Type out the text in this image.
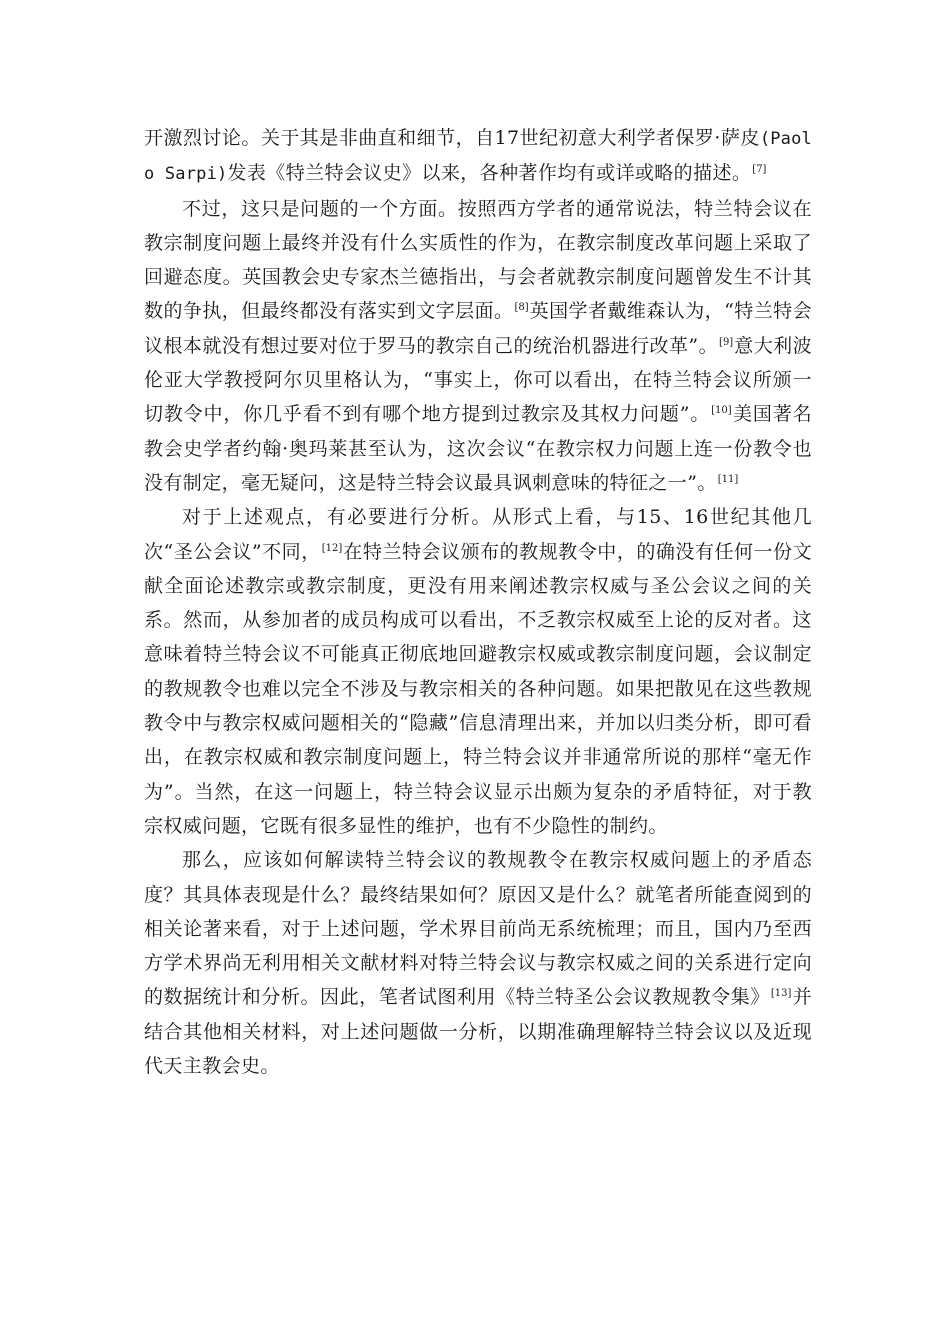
开激烈讨论。关于其是非曲直和细节，自17世纪初意大利学者保罗·萨皮(Paolo Sarpi)发表《特兰特会议史》以来，各种著作均有或详或略的描述。[7]

不过，这只是问题的一个方面。按照西方学者的通常说法，特兰特会议在教宗制度问题上最终并没有什么实质性的作为，在教宗制度改革问题上采取了回避态度。英国教会史专家杰兰德指出，与会者就教宗制度问题曾发生不计其数的争执，但最终都没有落实到文字层面。[8]英国学者戴维森认为，“特兰特会议根本就没有想过要对位于罗马的教宗自己的统治机器进行改革”。[9]意大利波伦亚大学教授阿尔贝里格认为，“事实上，你可以看出，在特兰特会议所颁一切教令中，你几乎看不到有哪个地方提到过教宗及其权力问题”。[10]美国著名教会史学者约翰·奥玛莱甚至认为，这次会议“在教宗权力问题上连一份教令也没有制定，毫无疑问，这是特兰特会议最具讽刺意味的特征之一”。[11]

对于上述观点，有必要进行分析。从形式上看，与15、16世纪其他几次“圣公会议”不同，[12]在特兰特会议颁布的教规教令中，的确没有任何一份文献全面论述教宗或教宗制度，更没有用来阐述教宗权威与圣公会议之间的关系。然而，从参加者的成员构成可以看出，不乏教宗权威至上论的反对者。这意味着特兰特会议不可能真正彻底地回避教宗权威或教宗制度问题，会议制定的教规教令也难以完全不涉及与教宗相关的各种问题。如果把散见在这些教规教令中与教宗权威问题相关的“隐藏”信息清理出来，并加以归类分析，即可看出，在教宗权威和教宗制度问题上，特兰特会议并非通常所说的那样“毫无作为”。当然，在这一问题上，特兰特会议显示出颇为复杂的矛盾特征，对于教宗权威问题，它既有很多显性的维护，也有不少隐性的制约。

那么，应该如何解读特兰特会议的教规教令在教宗权威问题上的矛盾态度？其具体表现是什么？最终结果如何？原因又是什么？就笔者所能查阅到的相关论著来看，对于上述问题，学术界目前尚无系统梳理；而且，国内乃至西方学术界尚无利用相关文献材料对特兰特会议与教宗权威之间的关系进行定向的数据统计和分析。因此，笔者试图利用《特兰特圣公会议教规教令集》[13]并结合其他相关材料，对上述问题做一分析，以期准确理解特兰特会议以及近现代天主教会史。
